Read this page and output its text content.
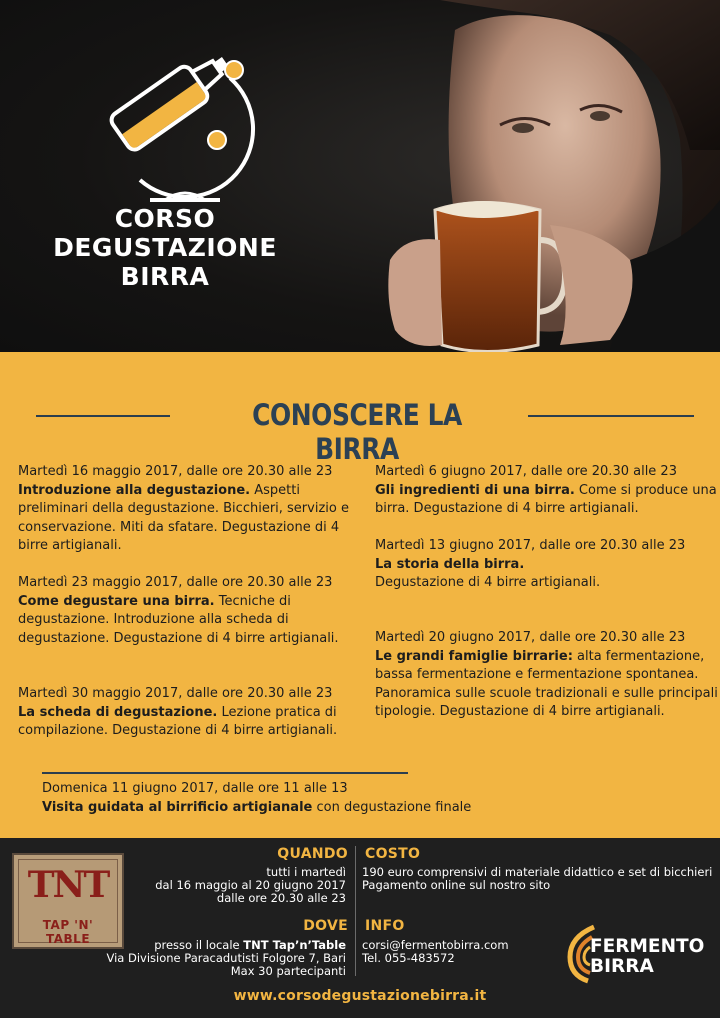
CORSO
DEGUSTAZIONE
BIRRA
CONOSCERE LA BIRRA
Martedì 16 maggio 2017, dalle ore 20.30 alle 23
Introduzione alla degustazione. Aspetti preliminari della degustazione. Bicchieri, servizio e conservazione. Miti da sfatare. Degustazione di 4 birre artigianali.
Martedì 23 maggio 2017, dalle ore 20.30 alle 23
Come degustare una birra. Tecniche di degustazione. Introduzione alla scheda di degustazione. Degustazione di 4 birre artigianali.
Martedì 30 maggio 2017, dalle ore 20.30 alle 23
La scheda di degustazione. Lezione pratica di compilazione. Degustazione di 4 birre artigianali.
Martedì 6 giugno 2017, dalle ore 20.30 alle 23
Gli ingredienti di una birra. Come si produce una birra. Degustazione di 4 birre artigianali.
Martedì 13 giugno 2017, dalle ore 20.30 alle 23
La storia della birra.
Degustazione di 4 birre artigianali.
Martedì 20 giugno 2017, dalle ore 20.30 alle 23
Le grandi famiglie birrarie: alta fermentazione, bassa fermentazione e fermentazione spontanea. Panoramica sulle scuole tradizionali e sulle principali tipologie. Degustazione di 4 birre artigianali.
Domenica 11 giugno 2017, dalle ore 11 alle 13
Visita guidata al birrificio artigianale con degustazione finale
TNT
TAP 'N' TABLE
QUANDO
tutti i martedì
dal 16 maggio al 20 giugno 2017
dalle ore 20.30 alle 23
DOVE
presso il locale TNT Tap’n’Table
Via Divisione Paracadutisti Folgore 7, Bari
Max 30 partecipanti
COSTO
190 euro comprensivi di materiale didattico e set di bicchieri
Pagamento online sul nostro sito
INFO
corsi@fermentobirra.com
Tel. 055-483572
FERMENTO
BIRRA
www.corsodegustazionebirra.it
